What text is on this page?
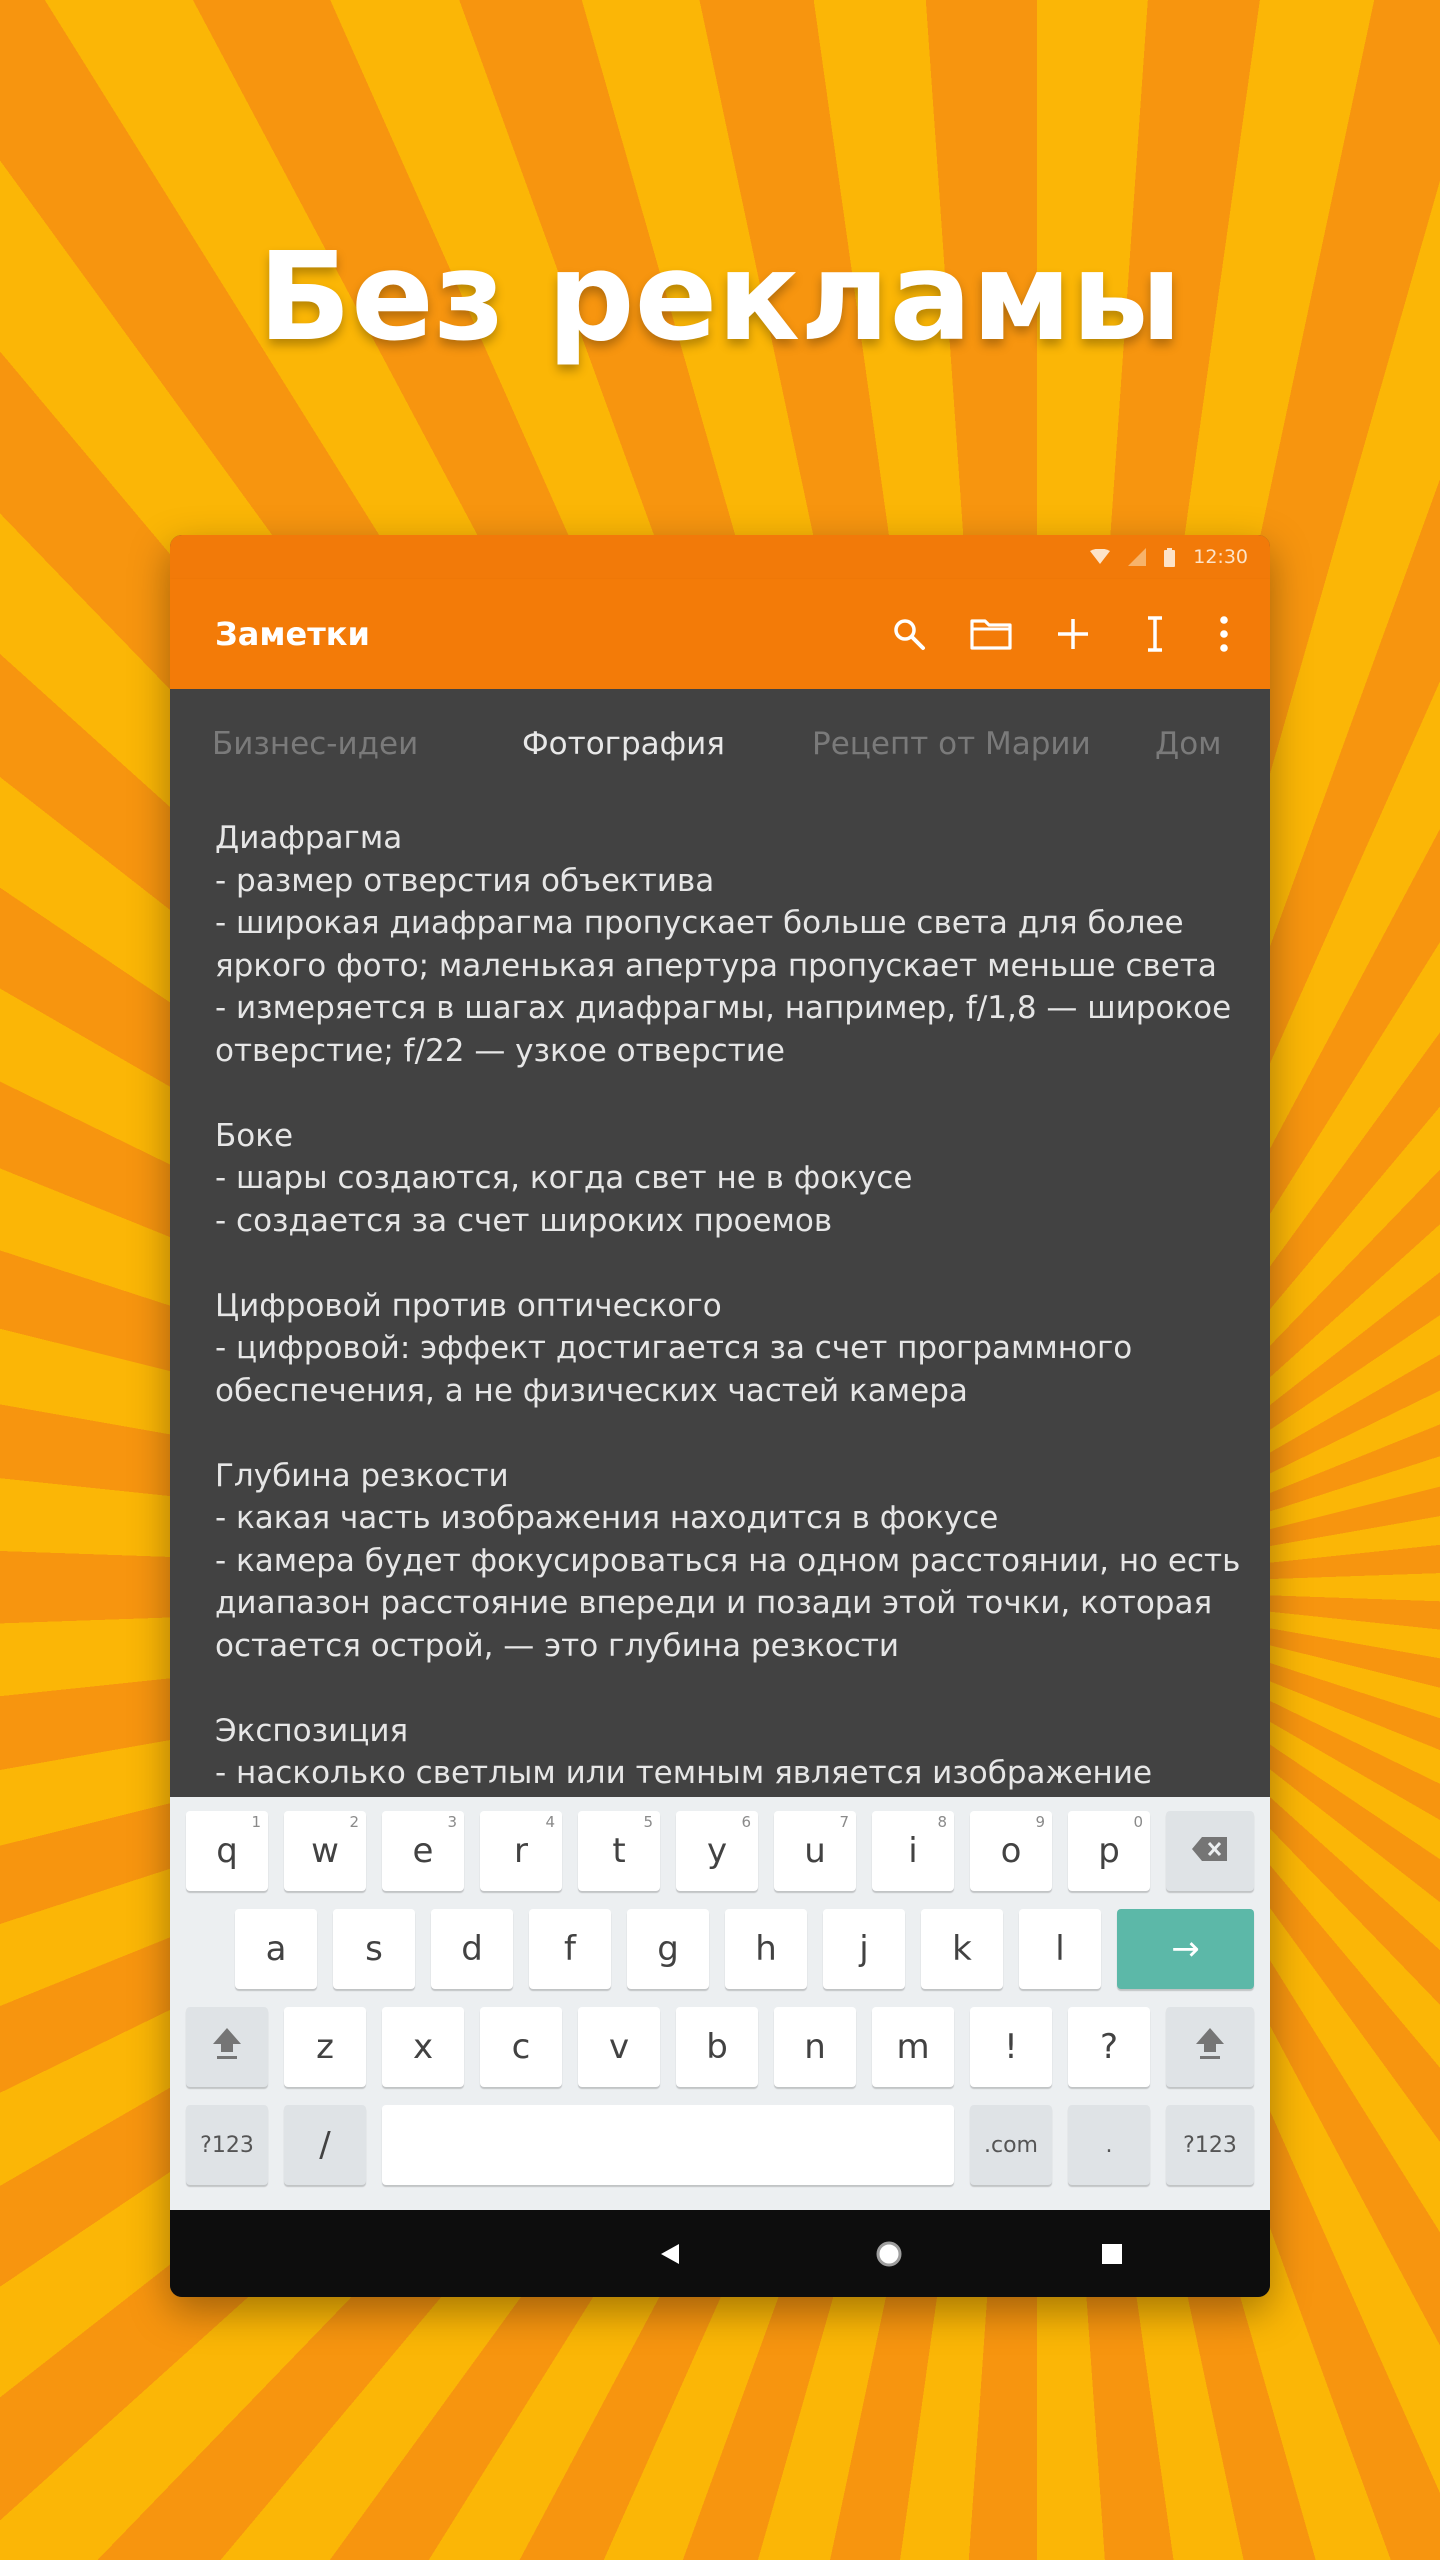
Без рекламы
12:30
Заметки
Бизнес-идеи	Фотография	Рецепт от Марии Дом
Диафрагма
- размер отверстия объектива
- широкая диафрагма пропускает больше света для более
яркого фото; маленькая апертура пропускает меньше света
- измеряется в шагах диафрагмы, например, f/1,8 — широкое
отверстие; f/22 — узкое отверстие
Боке
- шары создаются, когда свет не в фокусе
- создается за счет широких проемов
Цифровой против оптического
- цифровой: эффект достигается за счет программного
обеспечения, а не физических частей камера
Глубина резкости
- какая часть изображения находится в фокусе
- камера будет фокусироваться на одном расстоянии, но есть
диапазон расстояние впереди и позади этой точки, которая
остается острой, — это глубина резкости
Экспозиция
- насколько светлым или темным является изображение
q
1
w
2
e
3
r
4
t
5
y
6
u
7
i
8
o
9
p
0
a	s	d	f	g	h	j	k	l	→
z	x	c	v	b	n	m	!	?
?123	/	.com	.	?123
